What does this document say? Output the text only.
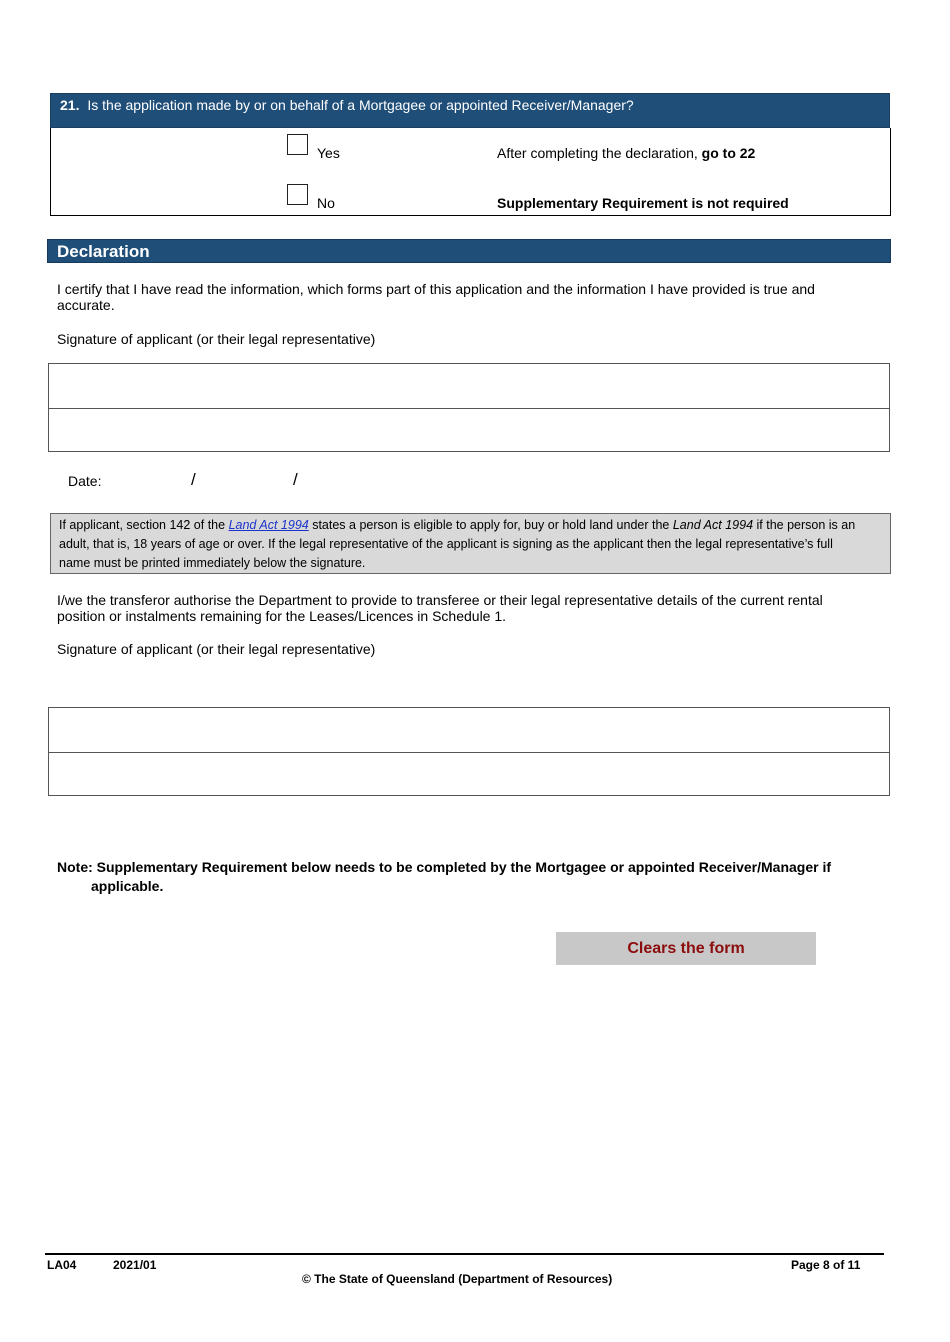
21. Is the application made by or on behalf of a Mortgagee or appointed Receiver/Manager?
Yes	After completing the declaration, go to 22
No	Supplementary Requirement is not required
Declaration
I certify that I have read the information, which forms part of this application and the information I have provided is true and
accurate.
Signature of applicant (or their legal representative)
Date:	/	/
If applicant, section 142 of the Land Act 1994 states a person is eligible to apply for, buy or hold land under the Land Act 1994 if the person is an
adult, that is, 18 years of age or over. If the legal representative of the applicant is signing as the applicant then the legal representative’s full
name must be printed immediately below the signature.
I/we the transferor authorise the Department to provide to transferee or their legal representative details of the current rental
position or instalments remaining for the Leases/Licences in Schedule 1.
Signature of applicant (or their legal representative)
Note: Supplementary Requirement below needs to be completed by the Mortgagee or appointed Receiver/Manager if
applicable.
Clears the form
LA04	2021/01	Page 8 of 11
© The State of Queensland (Department of Resources)
